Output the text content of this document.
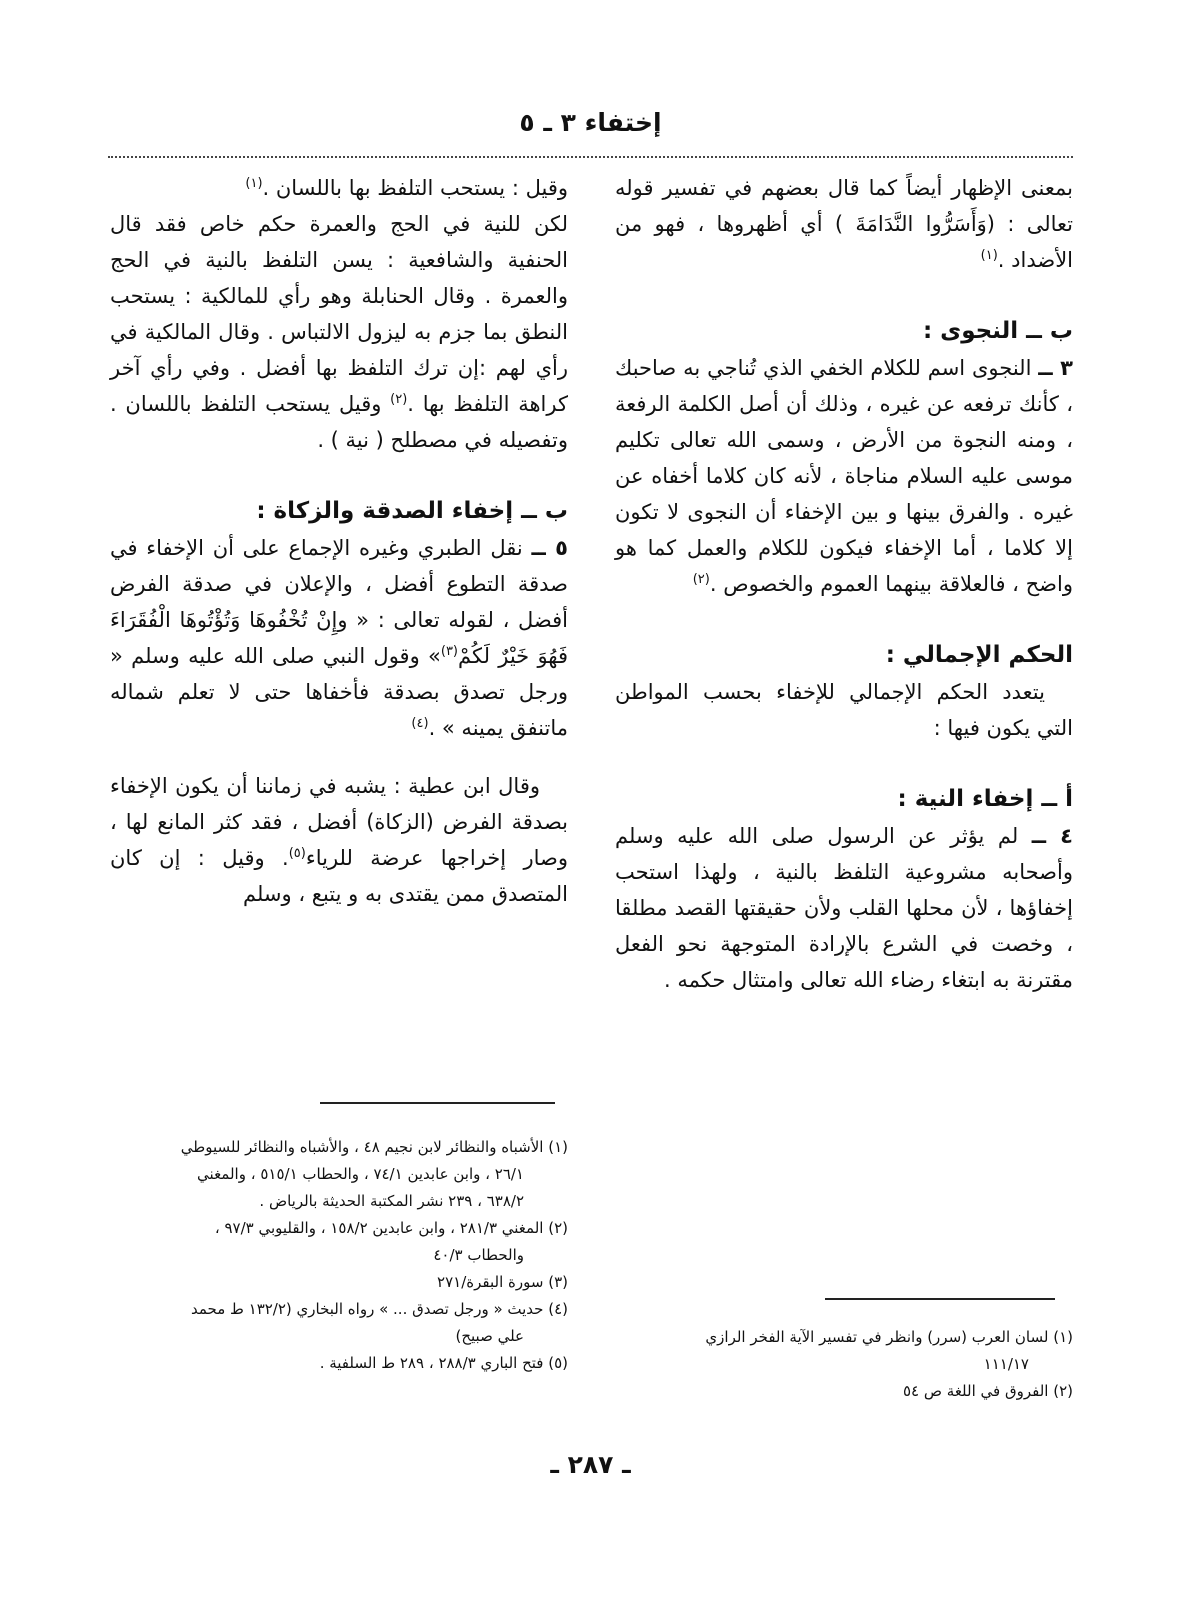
إختفاء ٣ ـ ٥

بمعنى الإظهار أيضاً كما قال بعضهم في تفسير قوله تعالى : (وَأَسَرُّوا النَّدَامَةَ ) أي أظهروها ، فهو من الأضداد .$^{(١)}$

ب ــ النجوى :

٣ ــ النجوى اسم للكلام الخفي الذي تُناجي به صاحبك ، كأنك ترفعه عن غيره ، وذلك أن أصل الكلمة الرفعة ، ومنه النجوة من الأرض ، وسمى الله تعالى تكليم موسى عليه السلام مناجاة ، لأنه كان كلاما أخفاه عن غيره . والفرق بينها و بين الإخفاء أن النجوى لا تكون إلا كلاما ، أما الإخفاء فيكون للكلام والعمل كما هو واضح ، فالعلاقة بينهما العموم والخصوص .$^{(٢)}$

الحكم الإجمالي :

يتعدد الحكم الإجمالي للإخفاء بحسب المواطن التي يكون فيها :

أ ــ إخفاء النية :

٤ ــ لم يؤثر عن الرسول صلى الله عليه وسلم وأصحابه مشروعية التلفظ بالنية ، ولهذا استحب إخفاؤها ، لأن محلها القلب ولأن حقيقتها القصد مطلقا ، وخصت في الشرع بالإرادة المتوجهة نحو الفعل مقترنة به ابتغاء رضاء الله تعالى وامتثال حكمه .

وقيل : يستحب التلفظ بها باللسان .$^{(١)}$

لكن للنية في الحج والعمرة حكم خاص فقد قال الحنفية والشافعية : يسن التلفظ بالنية في الحج والعمرة . وقال الحنابلة وهو رأي للمالكية : يستحب النطق بما جزم به ليزول الالتباس . وقال المالكية في رأي لهم :إن ترك التلفظ بها أفضل . وفي رأي آخر كراهة التلفظ بها .$^{(٢)}$ وقيل يستحب التلفظ باللسان . وتفصيله في مصطلح ( نية ) .

ب ــ إخفاء الصدقة والزكاة :

٥ ــ نقل الطبري وغيره الإجماع على أن الإخفاء في صدقة التطوع أفضل ، والإعلان في صدقة الفرض أفضل ، لقوله تعالى : « وإِنْ تُخْفُوهَا وَتُؤْتُوهَا الْفُقَرَاءَ فَهُوَ خَيْرٌ لَكُمْ$^{(٣)}$» وقول النبي صلى الله عليه وسلم « ورجل تصدق بصدقة فأخفاها حتى لا تعلم شماله ماتنفق يمينه » .$^{(٤)}$

وقال ابن عطية : يشبه في زماننا أن يكون الإخفاء بصدقة الفرض (الزكاة) أفضل ، فقد كثر المانع لها ، وصار إخراجها عرضة للرياء$^{(٥)}$. وقيل : إن كان المتصدق ممن يقتدى به و يتبع ، وسلم

(١) الأشباه والنظائر لابن نجيم ٤٨ ، والأشباه والنظائر للسيوطي
٢٦/١ ، وابن عابدين ٧٤/١ ، والحطاب ٥١٥/١ ، والمغني
٦٣٨/٢ ، ٢٣٩ نشر المكتبة الحديثة بالرياض .
(٢) المغني ٢٨١/٣ ، وابن عابدين ١٥٨/٢ ، والقليوبي ٩٧/٣ ،
والحطاب ٤٠/٣
(٣) سورة البقرة/٢٧١
(٤) حديث « ورجل تصدق ... » رواه البخاري (١٣٢/٢ ط محمد
علي صبيح)
(٥) فتح الباري ٢٨٨/٣ ، ٢٨٩ ط السلفية .
(١) لسان العرب (سرر) وانظر في تفسير الآية الفخر الرازي
١١١/١٧
(٢) الفروق في اللغة ص ٥٤
ـ ٢٨٧ ـ
